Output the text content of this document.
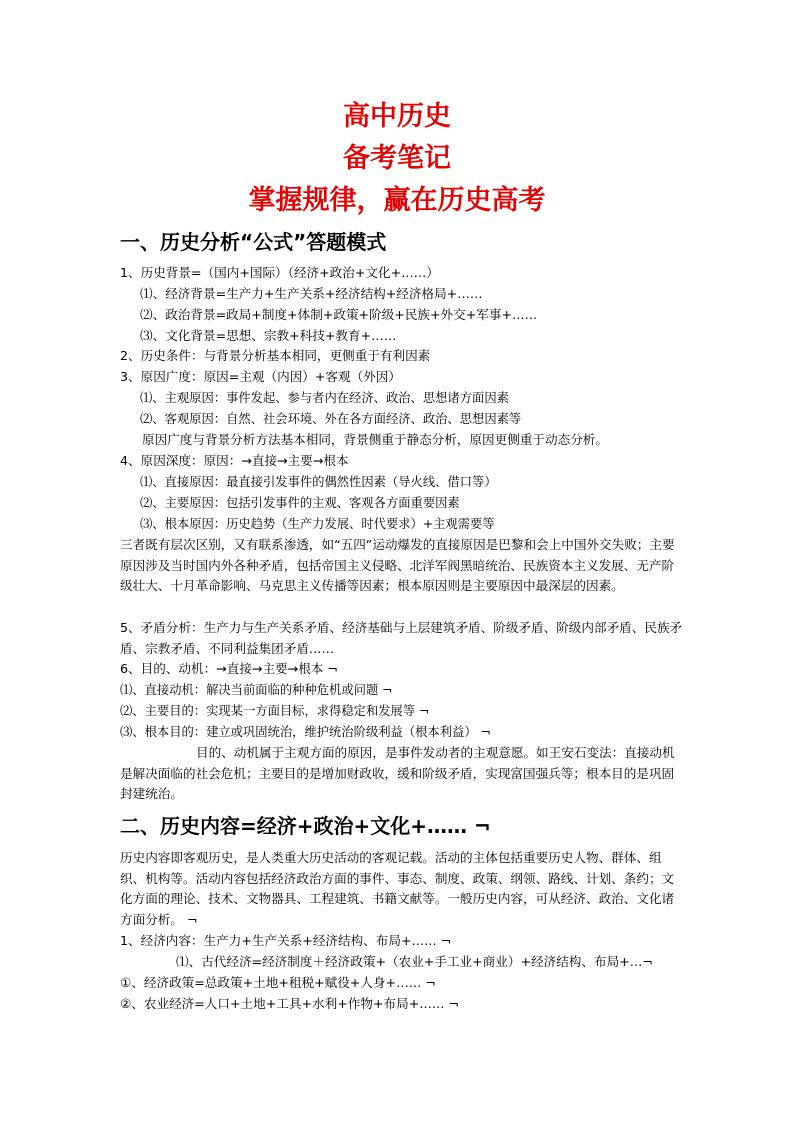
高中历史
备考笔记
掌握规律，赢在历史高考
一、历史分析“公式”答题模式
1、历史背景=（国内+国际）（经济+政治+文化+……）
⑴、经济背景=生产力+生产关系+经济结构+经济格局+……
⑵、政治背景=政局+制度+体制+政策+阶级+民族+外交+军事+……
⑶、文化背景=思想、宗教+科技+教育+……
2、历史条件：与背景分析基本相同，更侧重于有利因素
3、原因广度：原因=主观（内因）+客观（外因）
⑴、主观原因：事件发起、参与者内在经济、政治、思想诸方面因素
⑵、客观原因：自然、社会环境、外在各方面经济、政治、思想因素等
原因广度与背景分析方法基本相同，背景侧重于静态分析，原因更侧重于动态分析。
4、原因深度：原因：→直接→主要→根本
⑴、直接原因：最直接引发事件的偶然性因素（导火线、借口等）
⑵、主要原因：包括引发事件的主观、客观各方面重要因素
⑶、根本原因：历史趋势（生产力发展、时代要求）+主观需要等
三者既有层次区别，又有联系渗透，如“五四”运动爆发的直接原因是巴黎和会上中国外交失败；主要原因涉及当时国内外各种矛盾，包括帝国主义侵略、北洋军阀黑暗统治、民族资本主义发展、无产阶级壮大、十月革命影响、马克思主义传播等因素；根本原因则是主要原因中最深层的因素。
5、矛盾分析：生产力与生产关系矛盾、经济基础与上层建筑矛盾、阶级矛盾、阶级内部矛盾、民族矛盾、宗教矛盾、不同利益集团矛盾……
6、目的、动机：→直接→主要→根本 ¬
⑴、直接动机：解决当前面临的种种危机或问题 ¬
⑵、主要目的：实现某一方面目标，求得稳定和发展等 ¬
⑶、根本目的：建立或巩固统治，维护统治阶级利益（根本利益） ¬
目的、动机属于主观方面的原因，是事件发动者的主观意愿。如王安石变法：直接动机是解决面临的社会危机；主要目的是增加财政收，缓和阶级矛盾，实现富国强兵等；根本目的是巩固封建统治。
二、历史内容=经济+政治+文化+…… ¬
历史内容即客观历史，是人类重大历史活动的客观记载。活动的主体包括重要历史人物、群体、组织、机构等。活动内容包括经济政治方面的事件、事态、制度、政策、纲领、路线、计划、条约；文化方面的理论、技术、文物器具、工程建筑、书籍文献等。一般历史内容，可从经济、政治、文化诸方面分析。 ¬
1、经济内容：生产力+生产关系+经济结构、布局+…… ¬
⑴、古代经济=经济制度＋经济政策+（农业+手工业+商业）+经济结构、布局+…¬
①、经济政策=总政策+土地+租税+赋役+人身+…… ¬
②、农业经济=人口+土地+工具+水利+作物+布局+…… ¬
